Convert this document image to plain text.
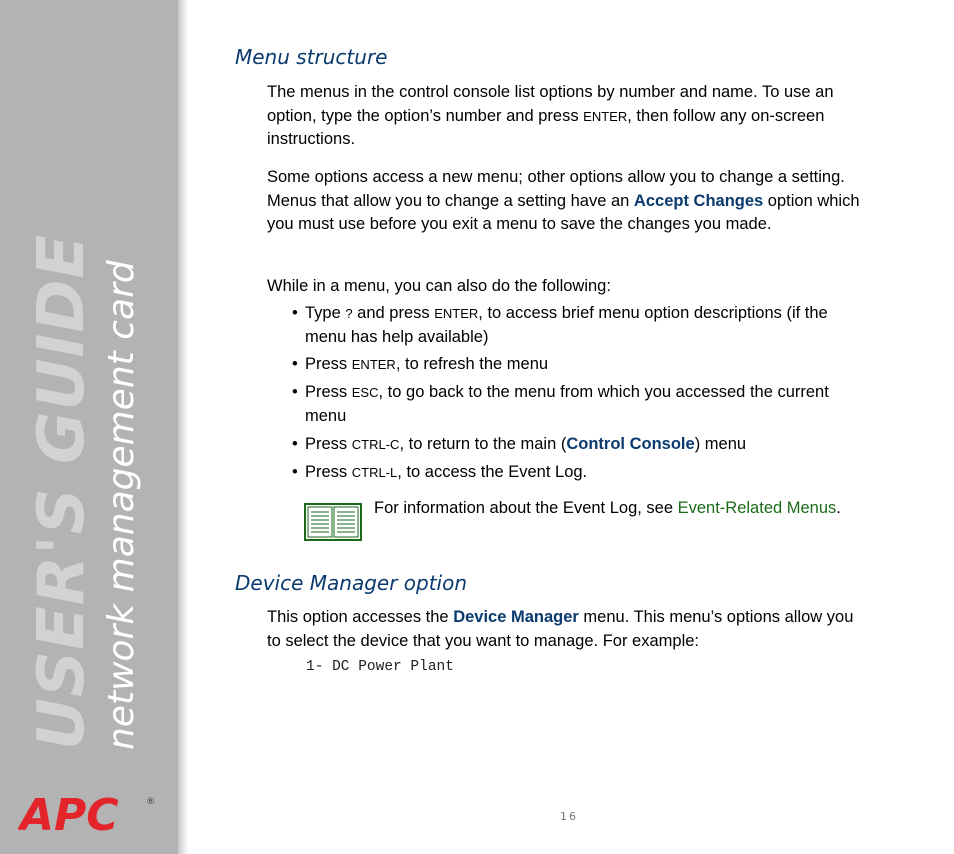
USER'S GUIDE network management card
APC	®
Menu structure

The menus in the control console list options by number and name. To use an option, type the option’s number and press ENTER, then follow any on-screen instructions.

Some options access a new menu; other options allow you to change a setting. Menus that allow you to change a setting have an Accept Changes option which you must use before you exit a menu to save the changes you made.

While in a menu, you can also do the following:

• Type ? and press ENTER, to access brief menu option descriptions (if the menu has help available)
• Press ENTER, to refresh the menu
• Press ESC, to go back to the menu from which you accessed the current menu
• Press CTRL-C, to return to the main (Control Console) menu
• Press CTRL-L, to access the Event Log.
For information about the Event Log, see Event-Related Menus.
Device Manager option

This option accesses the Device Manager menu. This menu’s options allow you to select the device that you want to manage. For example:

1- DC Power Plant
16
